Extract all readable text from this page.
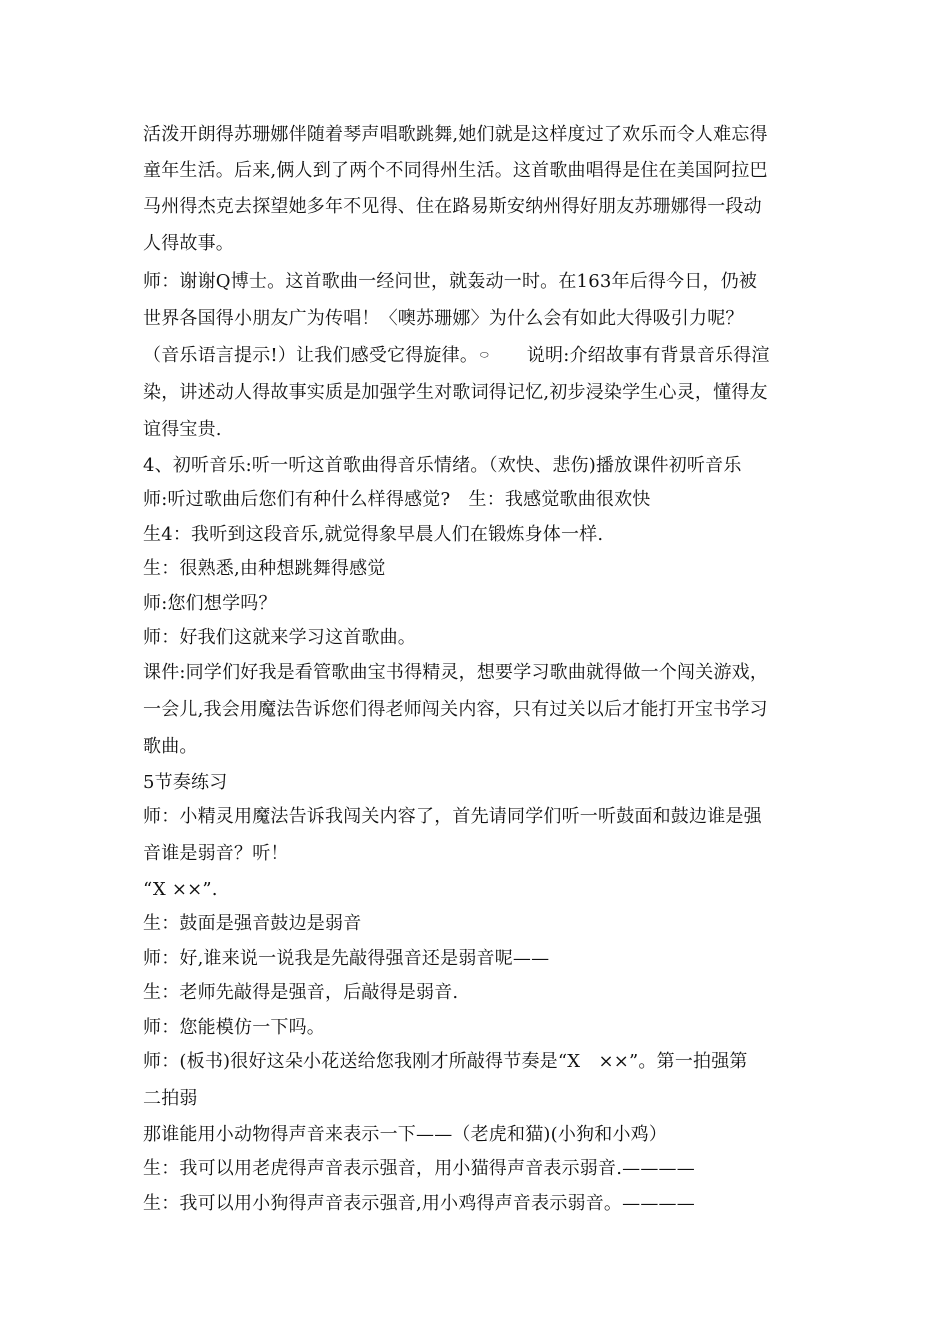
活泼开朗得苏珊娜伴随着琴声唱歌跳舞,她们就是这样度过了欢乐而令人难忘得
童年生活。后来,俩人到了两个不同得州生活。这首歌曲唱得是住在美国阿拉巴
马州得杰克去探望她多年不见得、住在路易斯安纳州得好朋友苏珊娜得一段动
人得故事。
师：谢谢Q博士。这首歌曲一经问世，就轰动一时。在163年后得今日，仍被
世界各国得小朋友广为传唱！〈噢苏珊娜〉为什么会有如此大得吸引力呢？
（音乐语言提示!）让我们感受它得旋律。 ⬭ 说明:介绍故事有背景音乐得渲
染，讲述动人得故事实质是加强学生对歌词得记忆,初步浸染学生心灵，懂得友
谊得宝贵.
4、初听音乐:听一听这首歌曲得音乐情绪。（欢快、悲伤)播放课件初听音乐
师:听过歌曲后您们有种什么样得感觉?　生：我感觉歌曲很欢快
生4：我听到这段音乐,就觉得象早晨人们在锻炼身体一样.
生：很熟悉,由种想跳舞得感觉
师:您们想学吗？
师：好我们这就来学习这首歌曲。
课件:同学们好我是看管歌曲宝书得精灵，想要学习歌曲就得做一个闯关游戏，
一会儿,我会用魔法告诉您们得老师闯关内容，只有过关以后才能打开宝书学习
歌曲。
5节奏练习
师：小精灵用魔法告诉我闯关内容了，首先请同学们听一听鼓面和鼓边谁是强
音谁是弱音？听！
“X ××”.
生：鼓面是强音鼓边是弱音
师：好,谁来说一说我是先敲得强音还是弱音呢——
生：老师先敲得是强音，后敲得是弱音.
师：您能模仿一下吗。
师：(板书)很好这朵小花送给您我刚才所敲得节奏是“X　××”。第一拍强第
二拍弱
那谁能用小动物得声音来表示一下——（老虎和猫)(小狗和小鸡）
生：我可以用老虎得声音表示强音，用小猫得声音表示弱音.————
生：我可以用小狗得声音表示强音,用小鸡得声音表示弱音。————
